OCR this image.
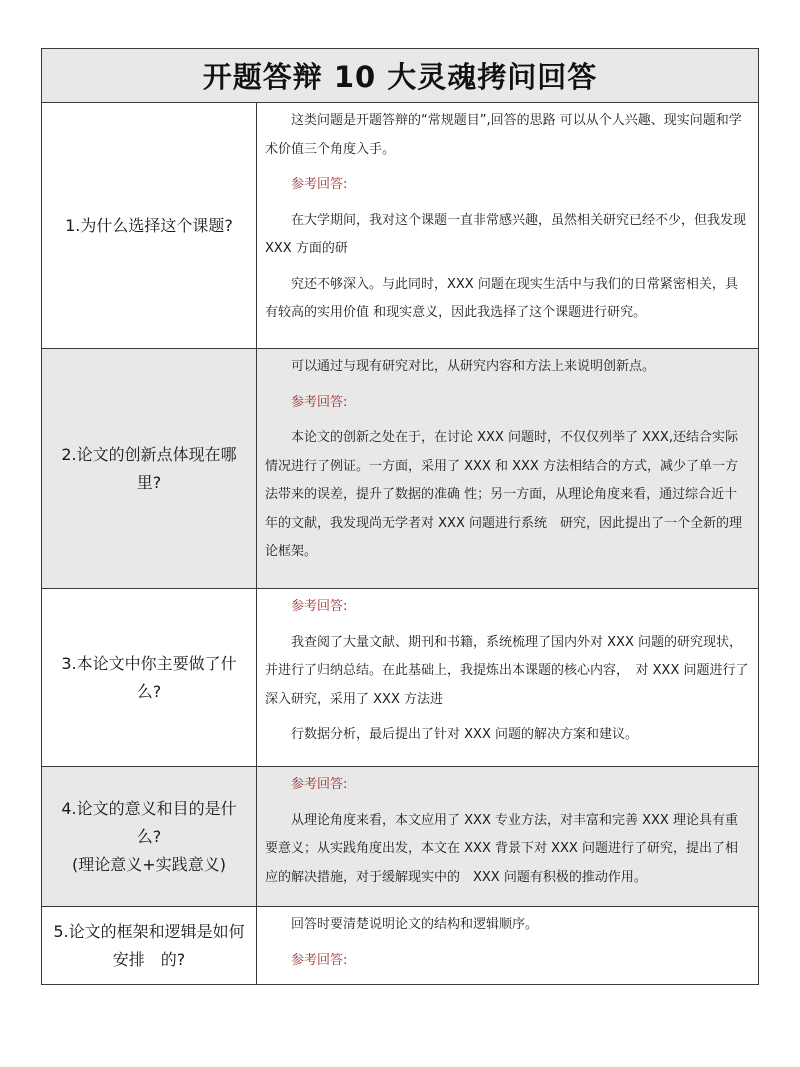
开题答辩 10 大灵魂拷问回答
1.为什么选择这个课题?

这类问题是开题答辩的“常规题目”,回答的思路 可以从个人兴趣、现实问题和学术价值三个角度入手。

参考回答:

在大学期间，我对这个课题一直非常感兴趣，虽然相关研究已经不少，但我发现 XXX 方面的研

究还不够深入。与此同时，XXX 问题在现实生活中与我们的日常紧密相关，具有较高的实用价值 和现实意义，因此我选择了这个课题进行研究。

2.论文的创新点体现在哪里?

可以通过与现有研究对比，从研究内容和方法上来说明创新点。

参考回答:

本论文的创新之处在于，在讨论 XXX 问题时，不仅仅列举了 XXX,还结合实际情况进行了例证。一方面，采用了 XXX 和 XXX 方法相结合的方式，减少了单一方法带来的误差，提升了数据的准确 性；另一方面，从理论角度来看，通过综合近十 年的文献，我发现尚无学者对 XXX 问题进行系统　研究，因此提出了一个全新的理论框架。

3.本论文中你主要做了什么?

参考回答:

我查阅了大量文献、期刊和书籍，系统梳理了国内外对 XXX 问题的研究现状，并进行了归纳总结。在此基础上，我提炼出本课题的核心内容，　对 XXX 问题进行了深入研究，采用了 XXX 方法进

行数据分析，最后提出了针对 XXX 问题的解决方案和建议。

4.论文的意义和目的是什么?
(理论意义+实践意义)

参考回答:

从理论角度来看，本文应用了 XXX 专业方法，对丰富和完善 XXX 理论具有重要意义；从实践角度出发，本文在 XXX 背景下对 XXX 问题进行了研究，提出了相应的解决措施，对于缓解现实中的　XXX 问题有积极的推动作用。

5.论文的框架和逻辑是如何
安排　的?

回答时要清楚说明论文的结构和逻辑顺序。

参考回答:
